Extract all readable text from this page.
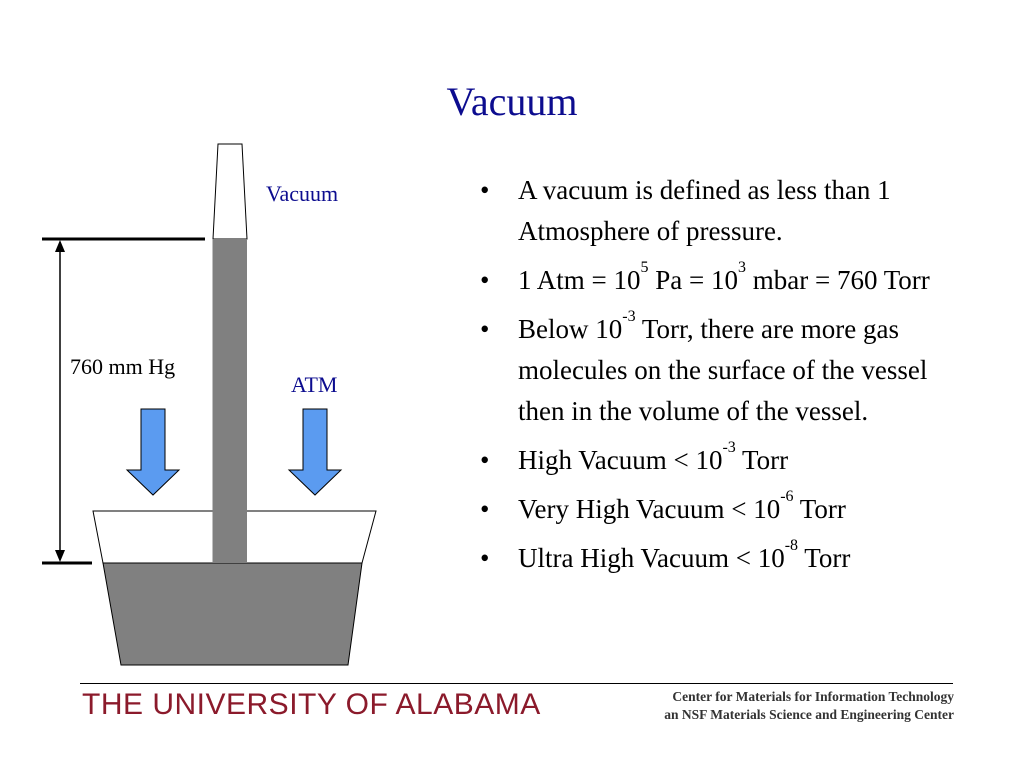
Vacuum
Vacuum
760 mm Hg
ATM
• A vacuum is defined as less than 1 Atmosphere of pressure.
• 1 Atm = $10^5$ $Pa = 10^3$ mbar = 760 Torr
• Below $10^{-3}$ Torr, there are more gas molecules on the surface of the vessel then in the volume of the vessel.
• High Vacuum < $10^{-3}$ Torr
• Very High Vacuum < $10^{-6}$ Torr
• Ultra High Vacuum < $10^{-8}$ Torr
THE UNIVERSITY OF ALABAMA	Center for Materials for Information Technology
an NSF Materials Science and Engineering Center
